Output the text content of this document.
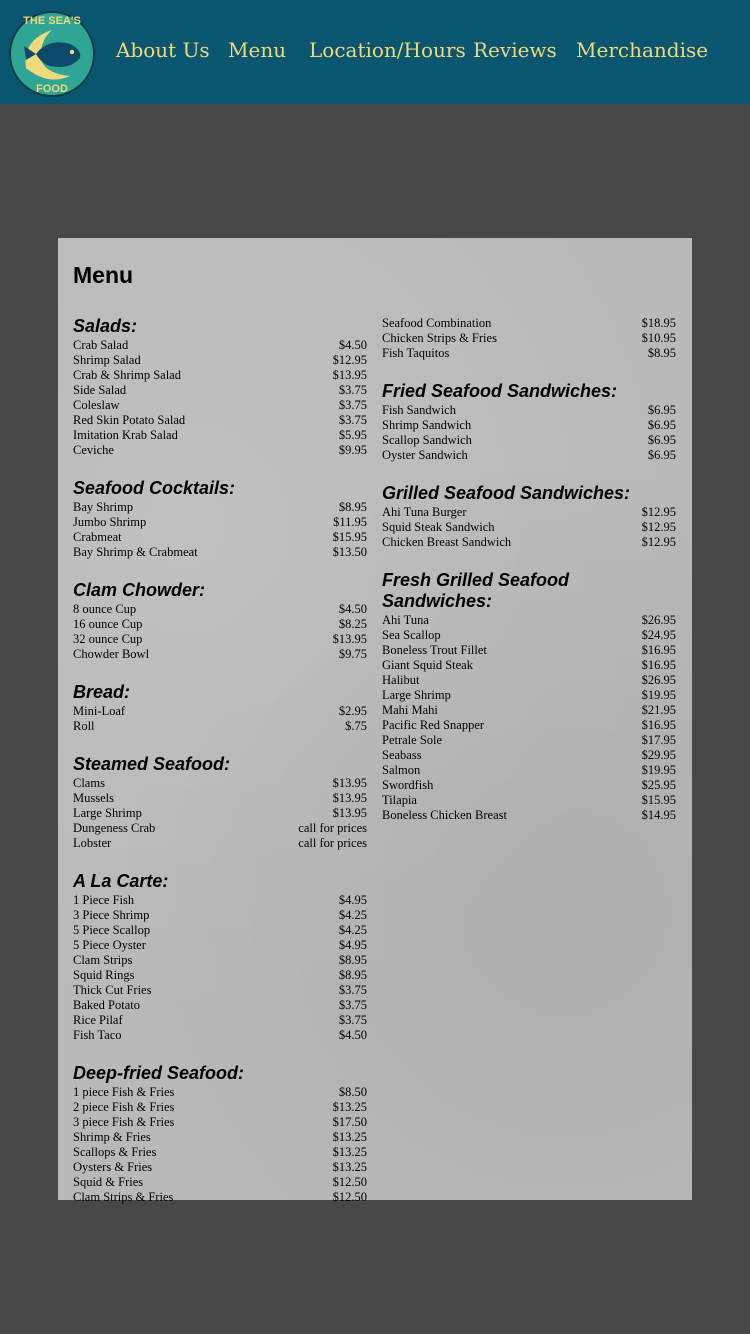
THE SEA'S
FOOD
About Us Menu Location/Hours Reviews Merchandise
Menu
Salads:
Crab Salad	$4.50
Shrimp Salad	$12.95
Crab & Shrimp Salad	$13.95
Side Salad	$3.75
Coleslaw	$3.75
Red Skin Potato Salad	$3.75
Imitation Krab Salad	$5.95
Ceviche	$9.95
Seafood Cocktails:
Bay Shrimp	$8.95
Jumbo Shrimp	$11.95
Crabmeat	$15.95
Bay Shrimp & Crabmeat	$13.50
Clam Chowder:
8 ounce Cup	$4.50
16 ounce Cup	$8.25
32 ounce Cup	$13.95
Chowder Bowl	$9.75
Bread:
Mini-Loaf	$2.95
Roll	$.75
Steamed Seafood:
Clams	$13.95
Mussels	$13.95
Large Shrimp	$13.95
Dungeness Crab	call for prices
Lobster	call for prices
A La Carte:
1 Piece Fish	$4.95
3 Piece Shrimp	$4.25
5 Piece Scallop	$4.25
5 Piece Oyster	$4.95
Clam Strips	$8.95
Squid Rings	$8.95
Thick Cut Fries	$3.75
Baked Potato	$3.75
Rice Pilaf	$3.75
Fish Taco	$4.50
Deep-fried Seafood:
1 piece Fish & Fries	$8.50
2 piece Fish & Fries	$13.25
3 piece Fish & Fries	$17.50
Shrimp & Fries	$13.25
Scallops & Fries	$13.25
Oysters & Fries	$13.25
Squid & Fries	$12.50
Clam Strips & Fries	$12.50
Seafood Combination	$18.95
Chicken Strips & Fries	$10.95
Fish Taquitos	$8.95
Fried Seafood Sandwiches:
Fish Sandwich	$6.95
Shrimp Sandwich	$6.95
Scallop Sandwich	$6.95
Oyster Sandwich	$6.95
Grilled Seafood Sandwiches:
Ahi Tuna Burger	$12.95
Squid Steak Sandwich	$12.95
Chicken Breast Sandwich	$12.95
Fresh Grilled Seafood Sandwiches:
Ahi Tuna	$26.95
Sea Scallop	$24.95
Boneless Trout Fillet	$16.95
Giant Squid Steak	$16.95
Halibut	$26.95
Large Shrimp	$19.95
Mahi Mahi	$21.95
Pacific Red Snapper	$16.95
Petrale Sole	$17.95
Seabass	$29.95
Salmon	$19.95
Swordfish	$25.95
Tilapia	$15.95
Boneless Chicken Breast	$14.95
